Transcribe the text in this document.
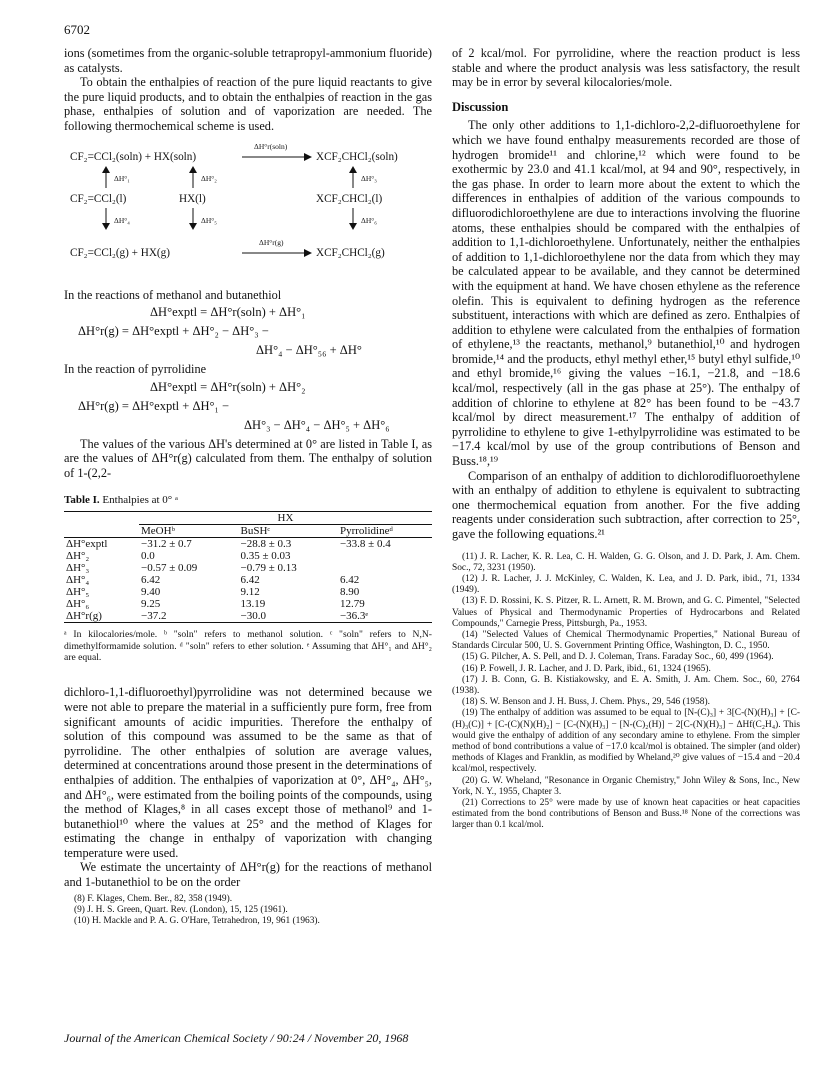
6702

ions (sometimes from the organic-soluble tetrapropyl-ammonium fluoride) as catalysts.

To obtain the enthalpies of reaction of the pure liquid reactants to give the pure liquid products, and to obtain the enthalpies of reaction in the gas phase, enthalpies of solution and of vaporization are needed. The following thermochemical scheme is used.

ΔH°r(soln)
CF₂=CCl₂(soln) + HX(soln)	XCF₂CHCl₂(soln)
ΔH°₁	ΔH°₂	ΔH°₃
CF₂=CCl₂(l)	HX(l)	XCF₂CHCl₂(l)
ΔH°₄	ΔH°₅	ΔH°₆
ΔH°r(g)
CF₂=CCl₂(g) + HX(g)	XCF₂CHCl₂(g)

In the reactions of methanol and butanethiol

ΔH°exptl = ΔH°r(soln) + ΔH°₁
ΔH°r(g) = ΔH°exptl + ΔH°₂ − ΔH°₃ −
ΔH°₄ − ΔH°₅₆ + ΔH°

In the reaction of pyrrolidine

ΔH°exptl = ΔH°r(soln) + ΔH°₂
ΔH°r(g) = ΔH°exptl + ΔH°₁ −
ΔH°₃ − ΔH°₄ − ΔH°₅ + ΔH°₆

The values of the various ΔH's determined at 0° are listed in Table I, as are the values of ΔH°r(g) calculated from them. The enthalpy of solution of 1-(2,2-

Table I. Enthalpies at 0° ᵃ
	HX		
	MeOHᵇ	BuSHᶜ	Pyrrolidineᵈ
ΔH°exptl	−31.2 ± 0.7	−28.8 ± 0.3	−33.8 ± 0.4
ΔH°₂	0.0	0.35 ± 0.03	
ΔH°₃	−0.57 ± 0.09	−0.79 ± 0.13	
ΔH°₄	6.42	6.42	6.42
ΔH°₅	9.40	9.12	8.90
ΔH°₆	9.25	13.19	12.79
ΔH°r(g)	−37.2	−30.0	−36.3ᵉ
ᵃ In kilocalories/mole. ᵇ "soln" refers to methanol solution. ᶜ "soln" refers to N,N-dimethylformamide solution. ᵈ "soln" refers to ether solution. ᵉ Assuming that ΔH°₁ and ΔH°₂ are equal.

dichloro-1,1-difluoroethyl)pyrrolidine was not determined because we were not able to prepare the material in a sufficiently pure form, free from significant amounts of acidic impurities. Therefore the enthalpy of solution of this compound was assumed to be the same as that of pyrrolidine. The other enthalpies of solution are average values, determined at concentrations around those present in the determinations of enthalpies of addition. The enthalpies of vaporization at 0°, ΔH°₄, ΔH°₅, and ΔH°₆, were estimated from the boiling points of the compounds, using the method of Klages,⁸ in all cases except those of methanol⁹ and 1-butanethiol¹⁰ where the values at 25° and the method of Klages for estimating the change in enthalpy of vaporization with changing temperature were used.

We estimate the uncertainty of ΔH°r(g) for the reactions of methanol and 1-butanethiol to be on the order

(8) F. Klages, Chem. Ber., 82, 358 (1949).

(9) J. H. S. Green, Quart. Rev. (London), 15, 125 (1961).

(10) H. Mackle and P. A. G. O'Hare, Tetrahedron, 19, 961 (1963).

of 2 kcal/mol. For pyrrolidine, where the reaction product is less stable and where the product analysis was less satisfactory, the result may be in error by several kilocalories/mole.

Discussion

The only other additions to 1,1-dichloro-2,2-difluoroethylene for which we have found enthalpy measurements recorded are those of hydrogen bromide¹¹ and chlorine,¹² which were found to be exothermic by 23.0 and 41.1 kcal/mol, at 94 and 90°, respectively, in the gas phase. In order to learn more about the extent to which the differences in enthalpies of addition of the various compounds to difluorodichloroethylene are due to interactions involving the fluorine atoms, these enthalpies should be compared with the enthalpies of addition to 1,1-dichloroethylene. Unfortunately, neither the enthalpies of addition to 1,1-dichloroethylene nor the data from which they may be calculated appear to be available, and they cannot be determined with the equipment at hand. We have chosen ethylene as the reference olefin. This is equivalent to defining hydrogen as the reference substituent, interactions with which are defined as zero. Enthalpies of addition to ethylene were calculated from the enthalpies of formation of ethylene,¹³ the reactants, methanol,⁹ butanethiol,¹⁰ and hydrogen bromide,¹⁴ and the products, ethyl methyl ether,¹⁵ butyl ethyl sulfide,¹⁰ and ethyl bromide,¹⁶ giving the values −16.1, −21.8, and −18.6 kcal/mol, respectively (all in the gas phase at 25°). The enthalpy of addition of chlorine to ethylene at 82° has been found to be −43.7 kcal/mol by direct measurement.¹⁷ The enthalpy of addition of pyrrolidine to ethylene to give 1-ethylpyrrolidine was estimated to be −17.4 kcal/mol by use of the group contributions of Benson and Buss.¹⁸,¹⁹

Comparison of an enthalpy of addition to dichlorodifluoroethylene with an enthalpy of addition to ethylene is equivalent to subtracting one thermochemical equation from another. For the five adding reagents under consideration such subtraction, after correction to 25°, gave the following equations.²¹

(11) J. R. Lacher, K. R. Lea, C. H. Walden, G. G. Olson, and J. D. Park, J. Am. Chem. Soc., 72, 3231 (1950).

(12) J. R. Lacher, J. J. McKinley, C. Walden, K. Lea, and J. D. Park, ibid., 71, 1334 (1949).

(13) F. D. Rossini, K. S. Pitzer, R. L. Arnett, R. M. Brown, and G. C. Pimentel, "Selected Values of Physical and Thermodynamic Properties of Hydrocarbons and Related Compounds," Carnegie Press, Pittsburgh, Pa., 1953.

(14) "Selected Values of Chemical Thermodynamic Properties," National Bureau of Standards Circular 500, U. S. Government Printing Office, Washington, D. C., 1950.

(15) G. Pilcher, A. S. Pell, and D. J. Coleman, Trans. Faraday Soc., 60, 499 (1964).

(16) P. Fowell, J. R. Lacher, and J. D. Park, ibid., 61, 1324 (1965).

(17) J. B. Conn, G. B. Kistiakowsky, and E. A. Smith, J. Am. Chem. Soc., 60, 2764 (1938).

(18) S. W. Benson and J. H. Buss, J. Chem. Phys., 29, 546 (1958).

(19) The enthalpy of addition was assumed to be equal to [N-(C)₃] + 3[C-(N)(H)₃] + [C-(H)₃(C)] + [C-(C)(N)(H)₂] − [C-(N)(H)₃] − [N-(C)₂(H)] − 2[C-(N)(H)₃] − ΔHf(C₂H₄). This would give the enthalpy of addition of any secondary amine to ethylene. From the simpler method of bond contributions a value of −17.0 kcal/mol is obtained. The simpler (and older) methods of Klages and Franklin, as modified by Wheland,²⁰ give values of −15.4 and −20.4 kcal/mol, respectively.

(20) G. W. Wheland, "Resonance in Organic Chemistry," John Wiley & Sons, Inc., New York, N. Y., 1955, Chapter 3.

(21) Corrections to 25° were made by use of known heat capacities or heat capacities estimated from the bond contributions of Benson and Buss.¹⁸ None of the corrections was larger than 0.1 kcal/mol.

Journal of the American Chemical Society / 90:24 / November 20, 1968
